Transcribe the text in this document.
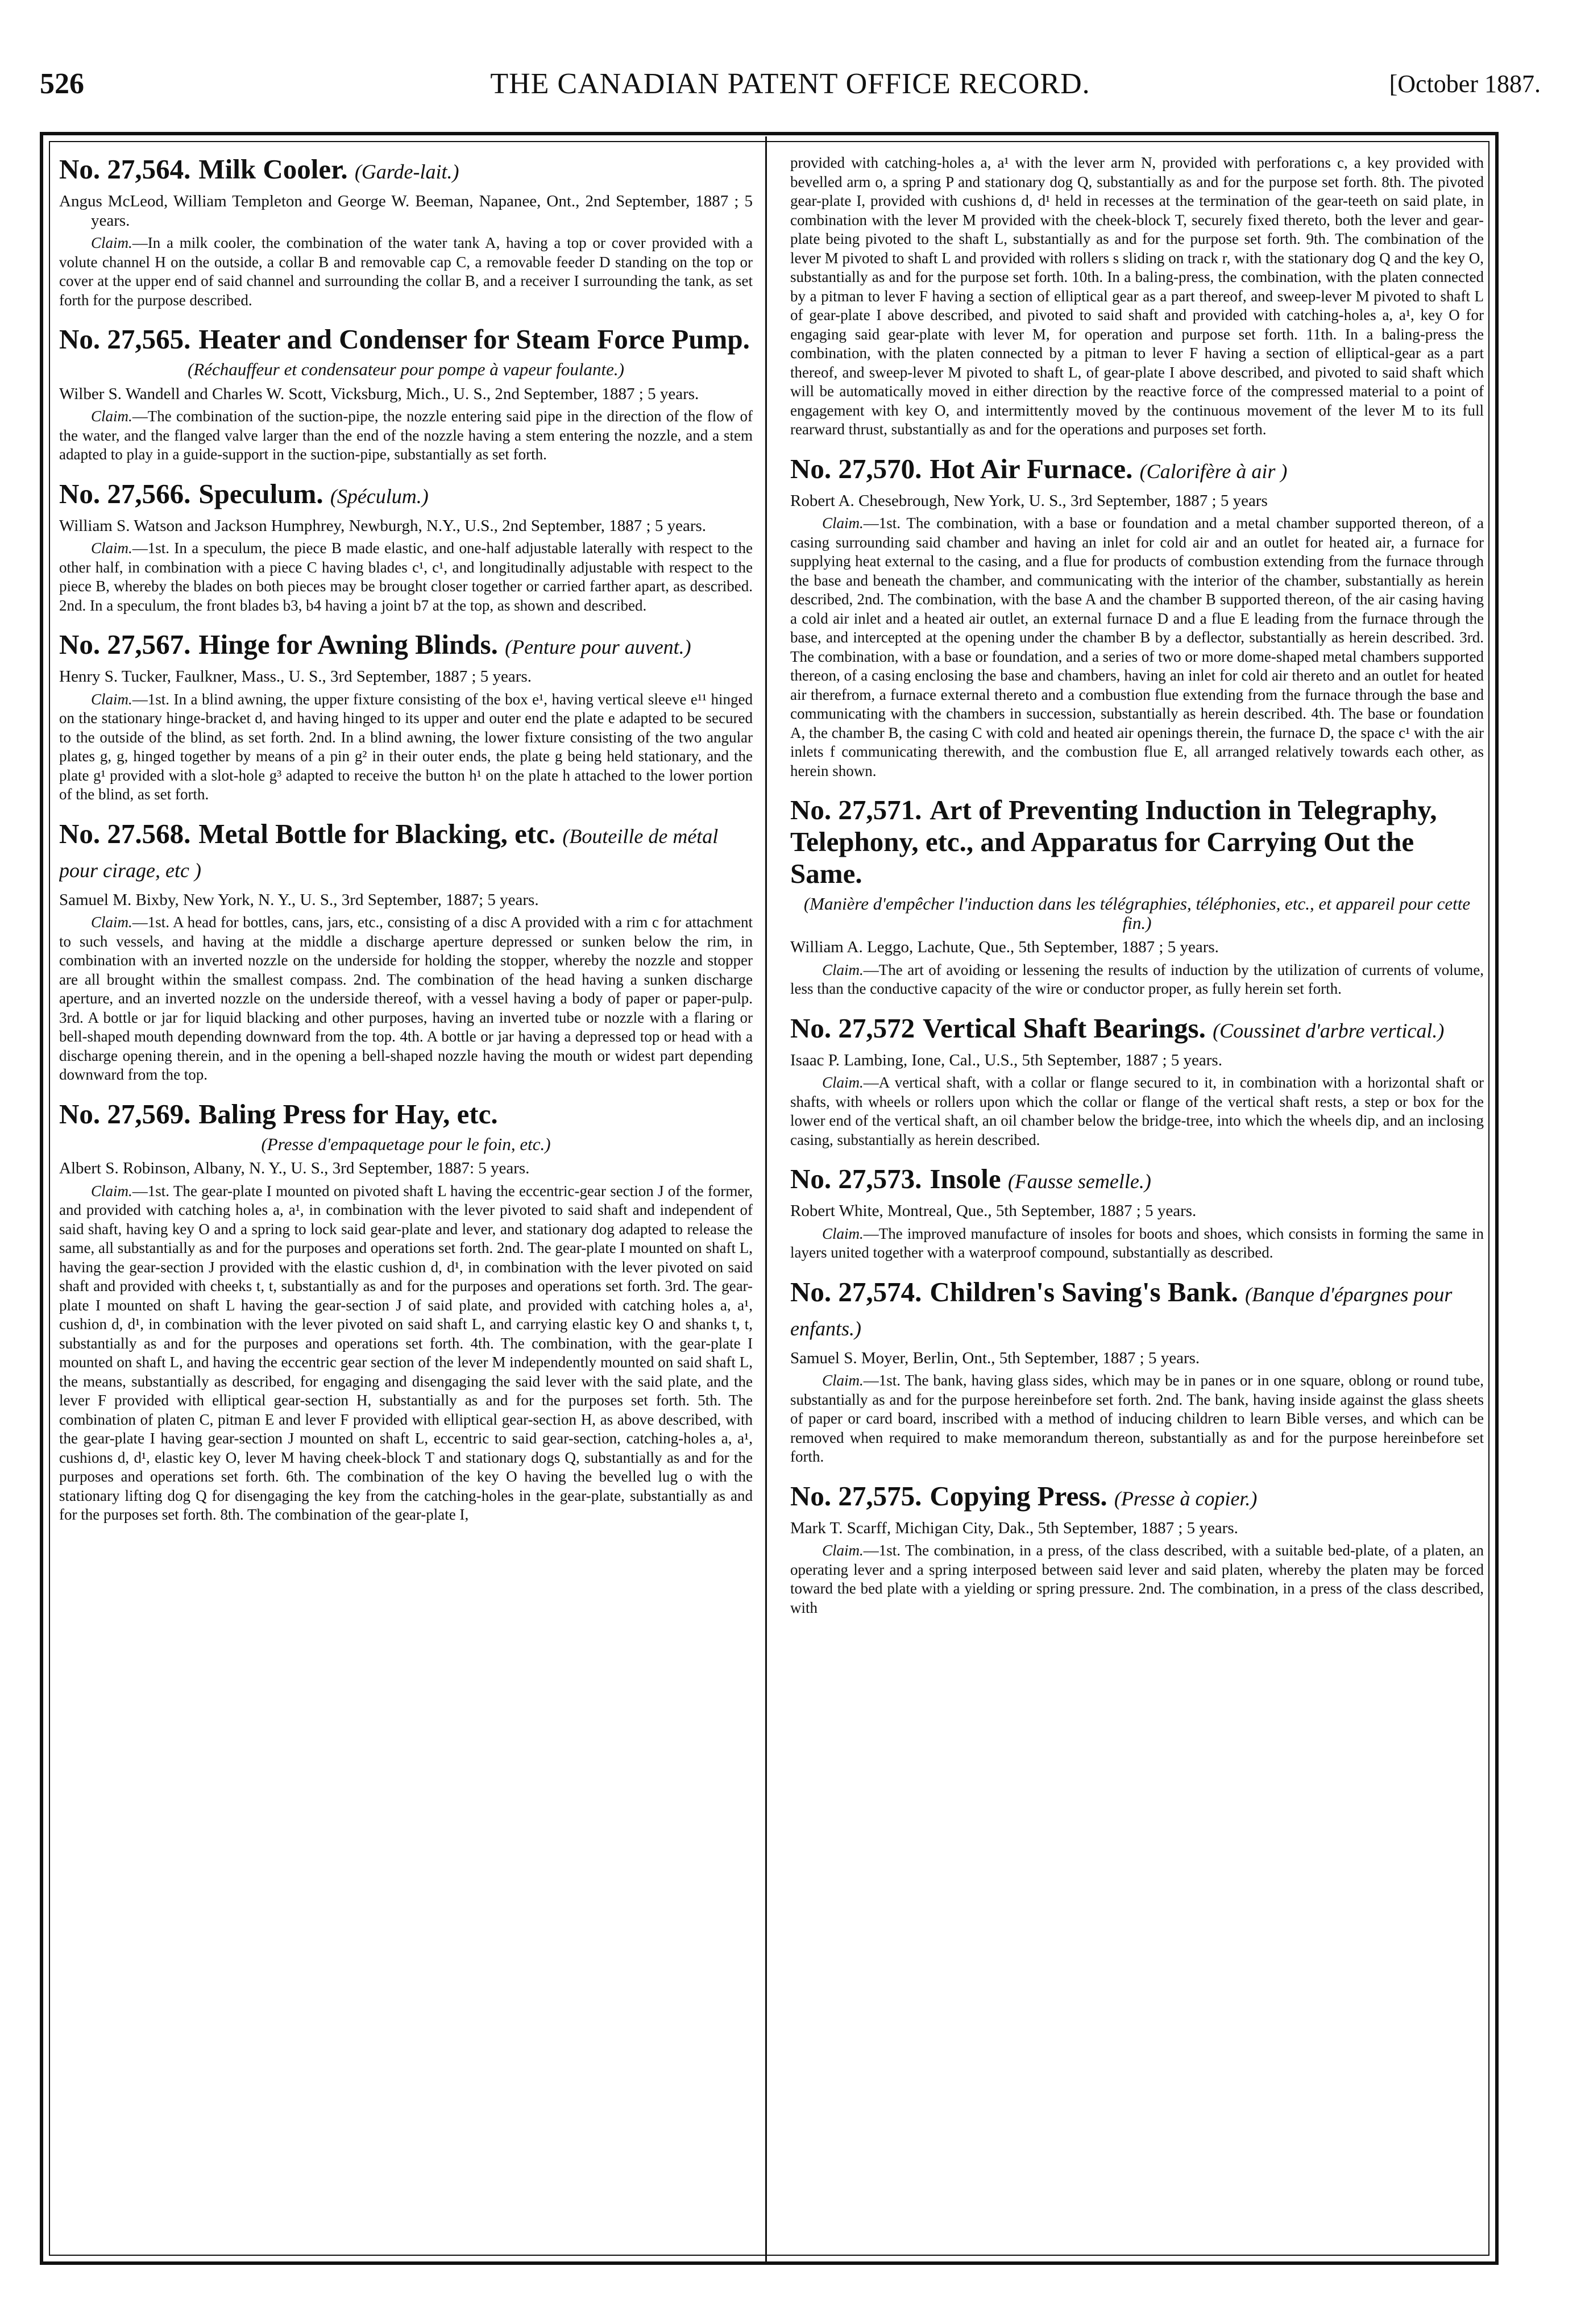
526	THE CANADIAN PATENT OFFICE RECORD.	[October 1887.
No. 27,564. Milk Cooler. (Garde-lait.)
Angus McLeod, William Templeton and George W. Beeman, Napanee, Ont., 2nd September, 1887 ; 5 years.

Claim.—In a milk cooler, the combination of the water tank A, having a top or cover provided with a volute channel H on the outside, a collar B and removable cap C, a removable feeder D standing on the top or cover at the upper end of said channel and surrounding the collar B, and a receiver I surrounding the tank, as set forth for the purpose described.

No. 27,565. Heater and Condenser for Steam Force Pump.
(Réchauffeur et condensateur pour pompe à vapeur foulante.)
Wilber S. Wandell and Charles W. Scott, Vicksburg, Mich., U. S., 2nd September, 1887 ; 5 years.

Claim.—The combination of the suction-pipe, the nozzle entering said pipe in the direction of the flow of the water, and the flanged valve larger than the end of the nozzle having a stem entering the nozzle, and a stem adapted to play in a guide-support in the suction-pipe, substantially as set forth.

No. 27,566. Speculum. (Spéculum.)
William S. Watson and Jackson Humphrey, Newburgh, N.Y., U.S., 2nd September, 1887 ; 5 years.

Claim.—1st. In a speculum, the piece B made elastic, and one-half adjustable laterally with respect to the other half, in combination with a piece C having blades c¹, c¹, and longitudinally adjustable with respect to the piece B, whereby the blades on both pieces may be brought closer together or carried farther apart, as described. 2nd. In a speculum, the front blades b3, b4 having a joint b7 at the top, as shown and described.

No. 27,567. Hinge for Awning Blinds. (Penture pour auvent.)
Henry S. Tucker, Faulkner, Mass., U. S., 3rd September, 1887 ; 5 years.

Claim.—1st. In a blind awning, the upper fixture consisting of the box e¹, having vertical sleeve e¹¹ hinged on the stationary hinge-bracket d, and having hinged to its upper and outer end the plate e adapted to be secured to the outside of the blind, as set forth. 2nd. In a blind awning, the lower fixture consisting of the two angular plates g, g, hinged together by means of a pin g² in their outer ends, the plate g being held stationary, and the plate g¹ provided with a slot-hole g³ adapted to receive the button h¹ on the plate h attached to the lower portion of the blind, as set forth.

No. 27.568. Metal Bottle for Blacking, etc. (Bouteille de métal pour cirage, etc )
Samuel M. Bixby, New York, N. Y., U. S., 3rd September, 1887; 5 years.

Claim.—1st. A head for bottles, cans, jars, etc., consisting of a disc A provided with a rim c for attachment to such vessels, and having at the middle a discharge aperture depressed or sunken below the rim, in combination with an inverted nozzle on the underside for holding the stopper, whereby the nozzle and stopper are all brought within the smallest compass. 2nd. The combination of the head having a sunken discharge aperture, and an inverted nozzle on the underside thereof, with a vessel having a body of paper or paper-pulp. 3rd. A bottle or jar for liquid blacking and other purposes, having an inverted tube or nozzle with a flaring or bell-shaped mouth depending downward from the top. 4th. A bottle or jar having a depressed top or head with a discharge opening therein, and in the opening a bell-shaped nozzle having the mouth or widest part depending downward from the top.

No. 27,569. Baling Press for Hay, etc.
(Presse d'empaquetage pour le foin, etc.)
Albert S. Robinson, Albany, N. Y., U. S., 3rd September, 1887: 5 years.

Claim.—1st. The gear-plate I mounted on pivoted shaft L having the eccentric-gear section J of the former, and provided with catching holes a, a¹, in combination with the lever pivoted to said shaft and independent of said shaft, having key O and a spring to lock said gear-plate and lever, and stationary dog adapted to release the same, all substantially as and for the purposes and operations set forth. 2nd. The gear-plate I mounted on shaft L, having the gear-section J provided with the elastic cushion d, d¹, in combination with the lever pivoted on said shaft and provided with cheeks t, t, substantially as and for the purposes and operations set forth. 3rd. The gear-plate I mounted on shaft L having the gear-section J of said plate, and provided with catching holes a, a¹, cushion d, d¹, in combination with the lever pivoted on said shaft L, and carrying elastic key O and shanks t, t, substantially as and for the purposes and operations set forth. 4th. The combination, with the gear-plate I mounted on shaft L, and having the eccentric gear section of the lever M independently mounted on said shaft L, the means, substantially as described, for engaging and disengaging the said lever with the said plate, and the lever F provided with elliptical gear-section H, substantially as and for the purposes set forth. 5th. The combination of platen C, pitman E and lever F provided with elliptical gear-section H, as above described, with the gear-plate I having gear-section J mounted on shaft L, eccentric to said gear-section, catching-holes a, a¹, cushions d, d¹, elastic key O, lever M having cheek-block T and stationary dogs Q, substantially as and for the purposes and operations set forth. 6th. The combination of the key O having the bevelled lug o with the stationary lifting dog Q for disengaging the key from the catching-holes in the gear-plate, substantially as and for the purposes set forth. 8th. The combination of the gear-plate I,

provided with catching-holes a, a¹ with the lever arm N, provided with perforations c, a key provided with bevelled arm o, a spring P and stationary dog Q, substantially as and for the purpose set forth. 8th. The pivoted gear-plate I, provided with cushions d, d¹ held in recesses at the termination of the gear-teeth on said plate, in combination with the lever M provided with the cheek-block T, securely fixed thereto, both the lever and gear-plate being pivoted to the shaft L, substantially as and for the purpose set forth. 9th. The combination of the lever M pivoted to shaft L and provided with rollers s sliding on track r, with the stationary dog Q and the key O, substantially as and for the purpose set forth. 10th. In a baling-press, the combination, with the platen connected by a pitman to lever F having a section of elliptical gear as a part thereof, and sweep-lever M pivoted to shaft L of gear-plate I above described, and pivoted to said shaft and provided with catching-holes a, a¹, key O for engaging said gear-plate with lever M, for operation and purpose set forth. 11th. In a baling-press the combination, with the platen connected by a pitman to lever F having a section of elliptical-gear as a part thereof, and sweep-lever M pivoted to shaft L, of gear-plate I above described, and pivoted to said shaft which will be automatically moved in either direction by the reactive force of the compressed material to a point of engagement with key O, and intermittently moved by the continuous movement of the lever M to its full rearward thrust, substantially as and for the operations and purposes set forth.

No. 27,570. Hot Air Furnace. (Calorifère à air )
Robert A. Chesebrough, New York, U. S., 3rd September, 1887 ; 5 years

Claim.—1st. The combination, with a base or foundation and a metal chamber supported thereon, of a casing surrounding said chamber and having an inlet for cold air and an outlet for heated air, a furnace for supplying heat external to the casing, and a flue for products of combustion extending from the furnace through the base and beneath the chamber, and communicating with the interior of the chamber, substantially as herein described, 2nd. The combination, with the base A and the chamber B supported thereon, of the air casing having a cold air inlet and a heated air outlet, an external furnace D and a flue E leading from the furnace through the base, and intercepted at the opening under the chamber B by a deflector, substantially as herein described. 3rd. The combination, with a base or foundation, and a series of two or more dome-shaped metal chambers supported thereon, of a casing enclosing the base and chambers, having an inlet for cold air thereto and an outlet for heated air therefrom, a furnace external thereto and a combustion flue extending from the furnace through the base and communicating with the chambers in succession, substantially as herein described. 4th. The base or foundation A, the chamber B, the casing C with cold and heated air openings therein, the furnace D, the space c¹ with the air inlets f communicating therewith, and the combustion flue E, all arranged relatively towards each other, as herein shown.

No. 27,571. Art of Preventing Induction in Telegraphy, Telephony, etc., and Apparatus for Carrying Out the Same.
(Manière d'empêcher l'induction dans les télégraphies, téléphonies, etc., et appareil pour cette fin.)
William A. Leggo, Lachute, Que., 5th September, 1887 ; 5 years.

Claim.—The art of avoiding or lessening the results of induction by the utilization of currents of volume, less than the conductive capacity of the wire or conductor proper, as fully herein set forth.

No. 27,572 Vertical Shaft Bearings. (Coussinet d'arbre vertical.)
Isaac P. Lambing, Ione, Cal., U.S., 5th September, 1887 ; 5 years.

Claim.—A vertical shaft, with a collar or flange secured to it, in combination with a horizontal shaft or shafts, with wheels or rollers upon which the collar or flange of the vertical shaft rests, a step or box for the lower end of the vertical shaft, an oil chamber below the bridge-tree, into which the wheels dip, and an inclosing casing, substantially as herein described.

No. 27,573. Insole (Fausse semelle.)
Robert White, Montreal, Que., 5th September, 1887 ; 5 years.

Claim.—The improved manufacture of insoles for boots and shoes, which consists in forming the same in layers united together with a waterproof compound, substantially as described.

No. 27,574. Children's Saving's Bank. (Banque d'épargnes pour enfants.)
Samuel S. Moyer, Berlin, Ont., 5th September, 1887 ; 5 years.

Claim.—1st. The bank, having glass sides, which may be in panes or in one square, oblong or round tube, substantially as and for the purpose hereinbefore set forth. 2nd. The bank, having inside against the glass sheets of paper or card board, inscribed with a method of inducing children to learn Bible verses, and which can be removed when required to make memorandum thereon, substantially as and for the purpose hereinbefore set forth.

No. 27,575. Copying Press. (Presse à copier.)
Mark T. Scarff, Michigan City, Dak., 5th September, 1887 ; 5 years.

Claim.—1st. The combination, in a press, of the class described, with a suitable bed-plate, of a platen, an operating lever and a spring interposed between said lever and said platen, whereby the platen may be forced toward the bed plate with a yielding or spring pressure. 2nd. The combination, in a press of the class described, with
